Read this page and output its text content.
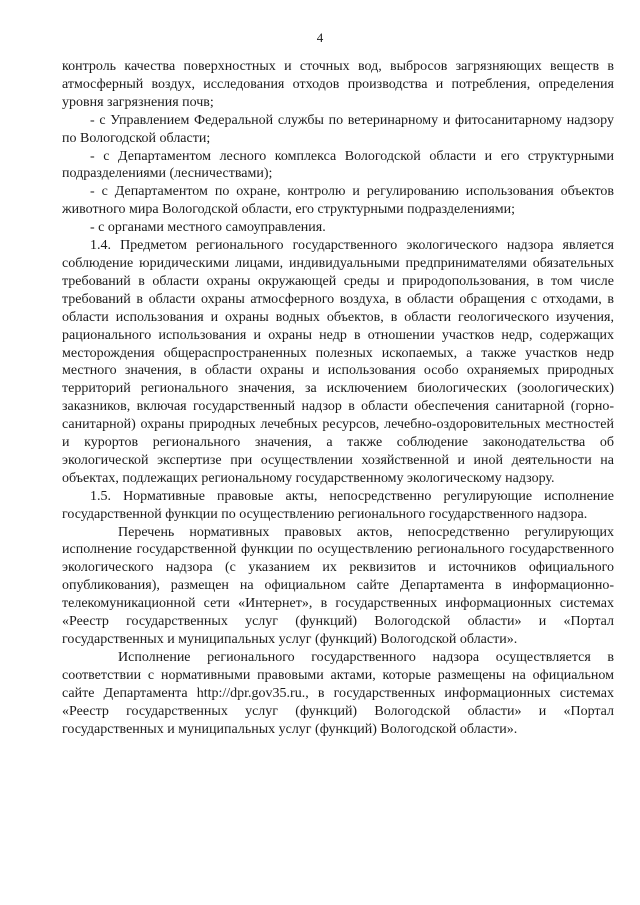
4

контроль качества поверхностных и сточных вод, выбросов загрязняющих веществ в атмосферный воздух, исследования отходов производства и потребления, определения уровня загрязнения почв;

- с Управлением Федеральной службы по ветеринарному и фитосанитарному надзору по Вологодской области;

- с Департаментом лесного комплекса Вологодской области и его структурными подразделениями (лесничествами);

- с Департаментом по охране, контролю и регулированию использования объектов животного мира Вологодской области, его структурными подразделениями;

- с органами местного самоуправления.

1.4. Предметом регионального государственного экологического надзора является соблюдение юридическими лицами, индивидуальными предпринимателями обязательных требований в области охраны окружающей среды и природопользования, в том числе требований в области охраны атмосферного воздуха, в области обращения с отходами, в области использования и охраны водных объектов, в области геологического изучения, рационального использования и охраны недр в отношении участков недр, содержащих месторождения общераспространенных полезных ископаемых, а также участков недр местного значения, в области охраны и использования особо охраняемых природных территорий регионального значения, за исключением биологических (зоологических) заказников, включая государственный надзор в области обеспечения санитарной (горно-санитарной) охраны природных лечебных ресурсов, лечебно-оздоровительных местностей и курортов регионального значения, а также соблюдение законодательства об экологической экспертизе при осуществлении хозяйственной и иной деятельности на объектах, подлежащих региональному государственному экологическому надзору.

1.5. Нормативные правовые акты, непосредственно регулирующие исполнение государственной функции по осуществлению регионального государственного надзора.

Перечень нормативных правовых актов, непосредственно регулирующих исполнение государственной функции по осуществлению регионального государственного экологического надзора (с указанием их реквизитов и источников официального опубликования), размещен на официальном сайте Департамента в информационно-телекомуникационной сети «Интернет», в государственных информационных системах «Реестр государственных услуг (функций) Вологодской области» и «Портал государственных и муниципальных услуг (функций) Вологодской области».

Исполнение регионального государственного надзора осуществляется в соответствии с нормативными правовыми актами, которые размещены на официальном сайте Департамента http://dpr.gov35.ru., в государственных информационных системах «Реестр государственных услуг (функций) Вологодской области» и «Портал государственных и муниципальных услуг (функций) Вологодской области».
